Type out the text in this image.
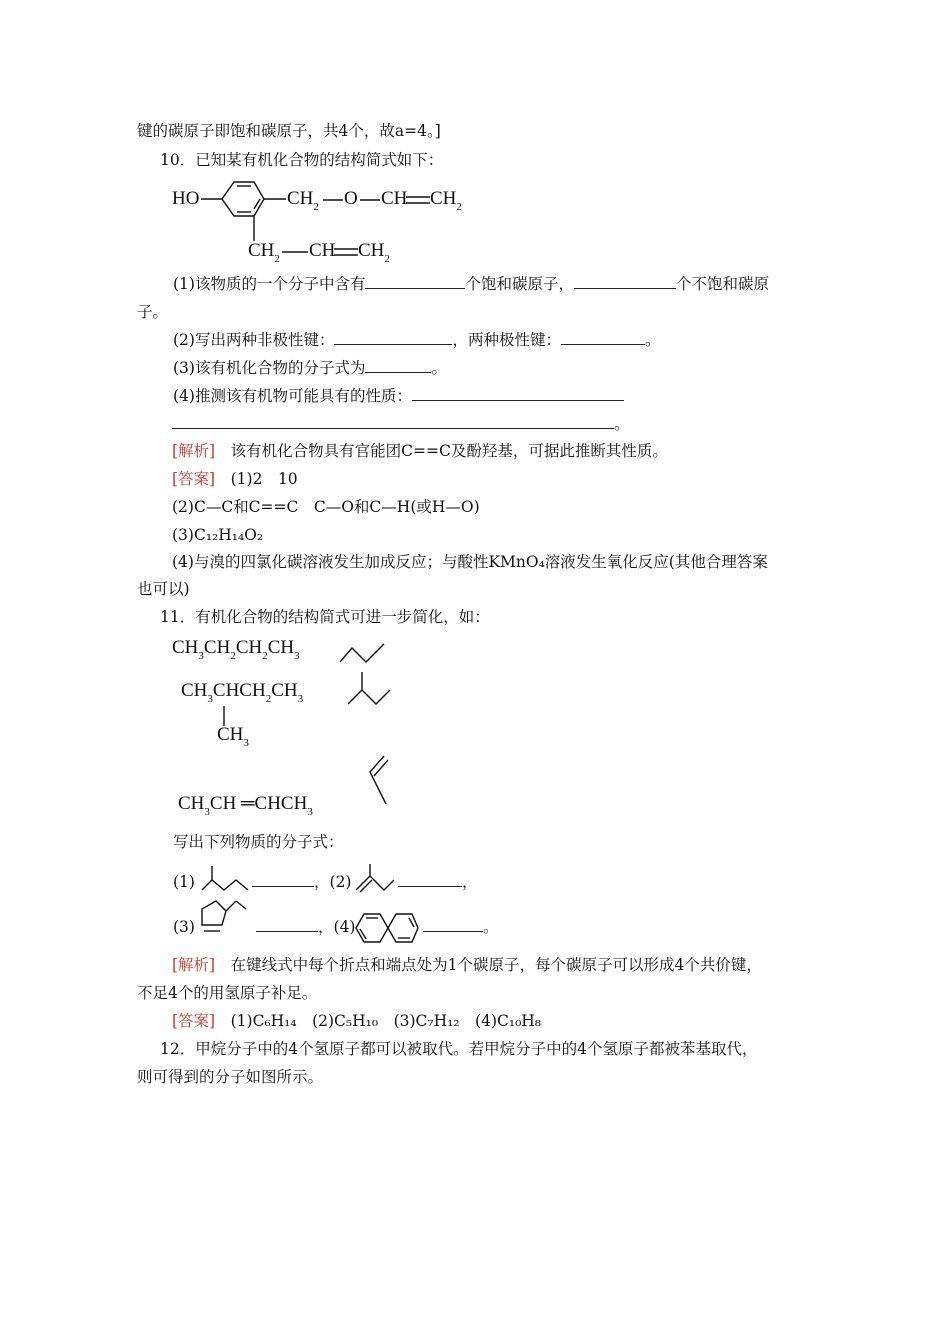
键的碳原子即饱和碳原子，共4个，故a=4。]
10．已知某有机化合物的结构简式如下：
HO	$CH_2$ O CH $CH_2$
$CH_2$ CH $CH_2$
(1)该物质的一个分子中含有	个饱和碳原子，	个不饱和碳原
子。
(2)写出两种非极性键：	，两种极性键：	。
(3)该有机化合物的分子式为	。
(4)推测该有机物可能具有的性质：
。
[解析]　 该有机化合物具有官能团C==C及酚羟基，可据此推断其性质。
[答案]　 (1)2　10
(2)C—C和C==C　C—O和C—H(或H—O)
(3)C₁₂H₁₄O₂
(4)与溴的四氯化碳溶液发生加成反应；与酸性KMnO₄溶液发生氧化反应(其他合理答案
也可以)
11．有机化合物的结构简式可进一步简化，如：
$CH_3CH_2CH_2CH_3$
$CH_3CHCH_2CH_3$
$CH_3$
$CH_3CH$ $═CHCH_3$
写出下列物质的分子式：
(1)	，(2)	，
(3)	，(4)	。
[解析]　 在键线式中每个折点和端点处为1个碳原子，每个碳原子可以形成4个共价键，
不足4个的用氢原子补足。
[答案]　 (1)C₆H₁₄　(2)C₅H₁₀　(3)C₇H₁₂　(4)C₁₀H₈
12．甲烷分子中的4个氢原子都可以被取代。若甲烷分子中的4个氢原子都被苯基取代，
则可得到的分子如图所示。
